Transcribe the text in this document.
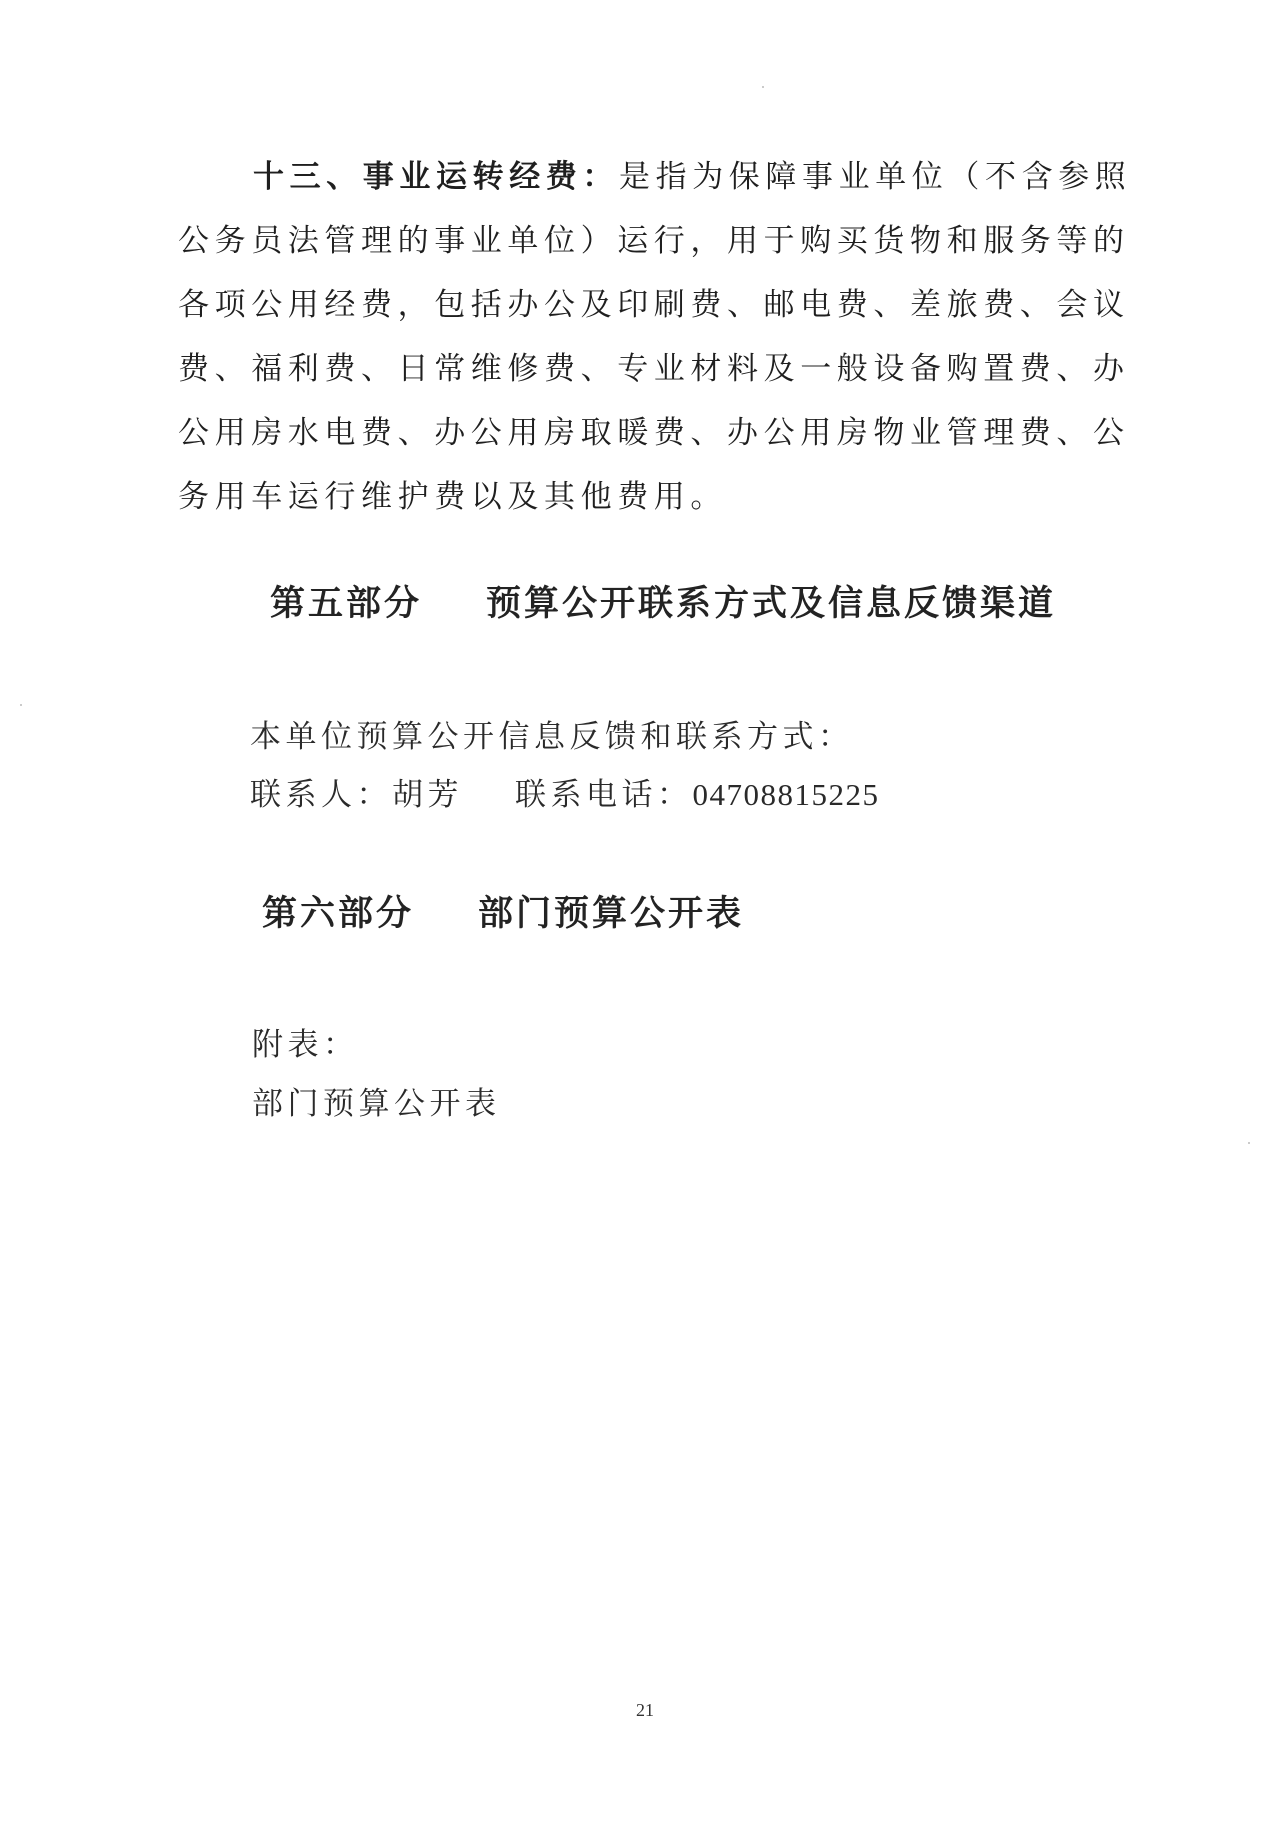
十三、事业运转经费：是指为保障事业单位（不含参照
公务员法管理的事业单位）运行，用于购买货物和服务等的
各项公用经费，包括办公及印刷费、邮电费、差旅费、会议
费、福利费、日常维修费、专业材料及一般设备购置费、办
公用房水电费、办公用房取暖费、办公用房物业管理费、公
务用车运行维护费以及其他费用。
第五部分 预算公开联系方式及信息反馈渠道
本单位预算公开信息反馈和联系方式：
联系人：胡芳 联系电话：04708815225
第六部分 部门预算公开表
附表：
部门预算公开表
21
